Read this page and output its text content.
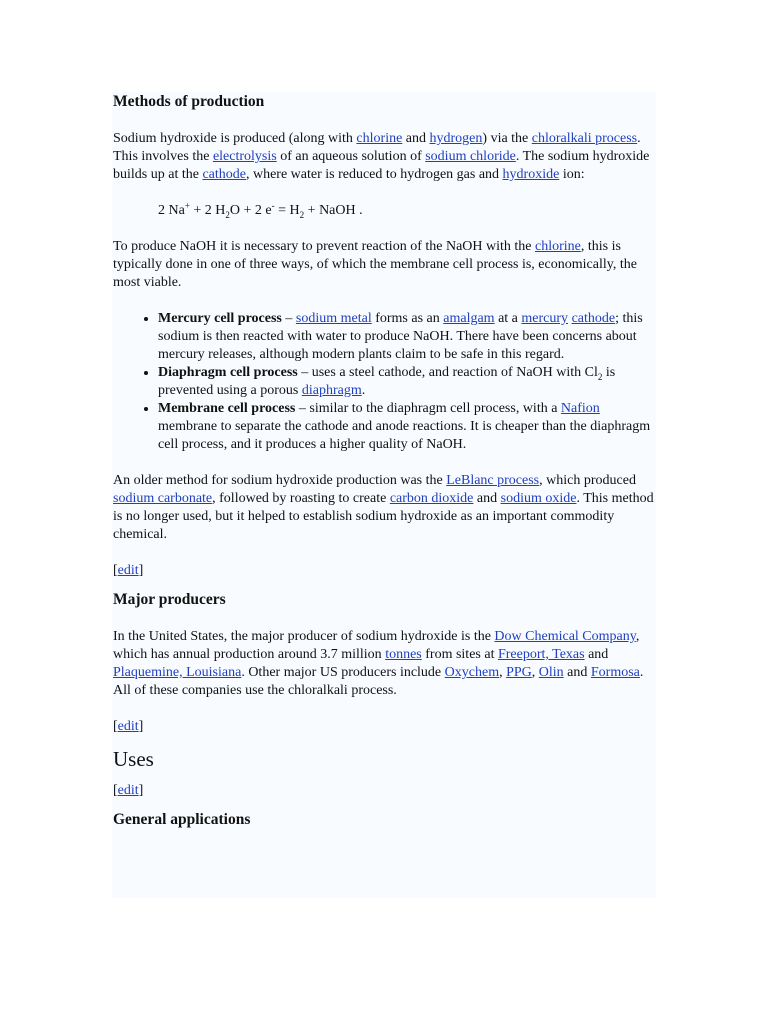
Methods of production

Sodium hydroxide is produced (along with chlorine and hydrogen) via the chloralkali process. This involves the electrolysis of an aqueous solution of sodium chloride. The sodium hydroxide builds up at the cathode, where water is reduced to hydrogen gas and hydroxide ion:

2 Na+ + 2 $H_2O + 2$ $e^- = H_2$ + NaOH .

To produce NaOH it is necessary to prevent reaction of the NaOH with the chlorine, this is typically done in one of three ways, of which the membrane cell process is, economically, the most viable.

• Mercury cell process – sodium metal forms as an amalgam at a mercury cathode; this sodium is then reacted with water to produce NaOH. There have been concerns about mercury releases, although modern plants claim to be safe in this regard.
• Diaphragm cell process – uses a steel cathode, and reaction of NaOH with $Cl_2$ is prevented using a porous diaphragm.
• Membrane cell process – similar to the diaphragm cell process, with a Nafion membrane to separate the cathode and anode reactions. It is cheaper than the diaphragm cell process, and it produces a higher quality of NaOH.

An older method for sodium hydroxide production was the LeBlanc process, which produced sodium carbonate, followed by roasting to create carbon dioxide and sodium oxide. This method is no longer used, but it helped to establish sodium hydroxide as an important commodity chemical.

[edit]

Major producers

In the United States, the major producer of sodium hydroxide is the Dow Chemical Company, which has annual production around 3.7 million tonnes from sites at Freeport, Texas and Plaquemine, Louisiana. Other major US producers include Oxychem, PPG, Olin and Formosa. All of these companies use the chloralkali process.

[edit]

Uses

[edit]

General applications
